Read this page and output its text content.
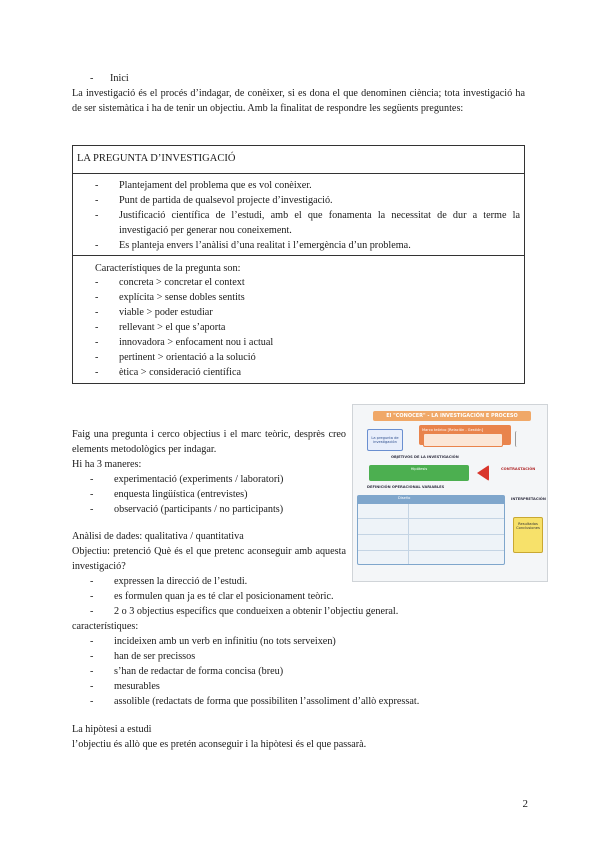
- Inici
La investigació és el procés d’indagar, de conèixer, si es dona el que denominen ciència; tota investigació ha de ser sistemàtica i ha de tenir un objectiu. Amb la finalitat de respondre les següents preguntes:
LA PREGUNTA D’INVESTIGACIÓ
-	Plantejament del problema que es vol conèixer.
-	Punt de partida de qualsevol projecte d’investigació.
-	Justificació científica de l’estudi, amb el que fonamenta la necessitat de dur a terme la investigació per generar nou coneixement.
-	Es planteja envers l’anàlisi d’una realitat i l’emergència d’un problema.
Característiques de la pregunta son:
-	concreta > concretar el context
-	explícita > sense dobles sentits
-	viable > poder estudiar
-	rellevant > el que s’aporta
-	innovadora > enfocament nou i actual
-	pertinent > orientació a la solució
-	ètica > consideració científica
Faig una pregunta i cerco objectius i el marc teòric, desprès creo elements metodològics per indagar.
Hi ha 3 maneres:
-	experimentació (experiments / laboratori)
-	enquesta lingüística (entrevistes)
-	observació (participants / no participants)
Anàlisi de dades: qualitativa / quantitativa
Objectiu: pretenció Què és el que pretenc aconseguir amb aquesta investigació?
-	expressen la direcció de l’estudi.
-	es formulen quan ja es té clar el posicionament teòric.
-	2 o 3 objectius específics que condueixen a obtenir l’objectiu general.
característiques:
-	incideixen amb un verb en infinitiu (no tots serveixen)
-	han de ser precissos
-	s’han de redactar de forma concisa (breu)
-	mesurables
-	assolible (redactats de forma que possibiliten l’assoliment d’allò expressat.
La hipòtesi a estudi
l’objectiu és allò que es pretén aconseguir i la hipòtesi és el que passarà.
El "CONOCER" - LA INVESTIGACIÓN E PROCESO
La pregunta de investigación
Marco teórico [Relación - Gestión]
OBJETIVOS DE LA INVESTIGACIÓN
Hipótesis	CONTRASTACIÓN
DEFINICIÓN OPERACIONAL VARIABLES
Diseño	INTERPRETACIÓN
Resultados Conclusiones
2
